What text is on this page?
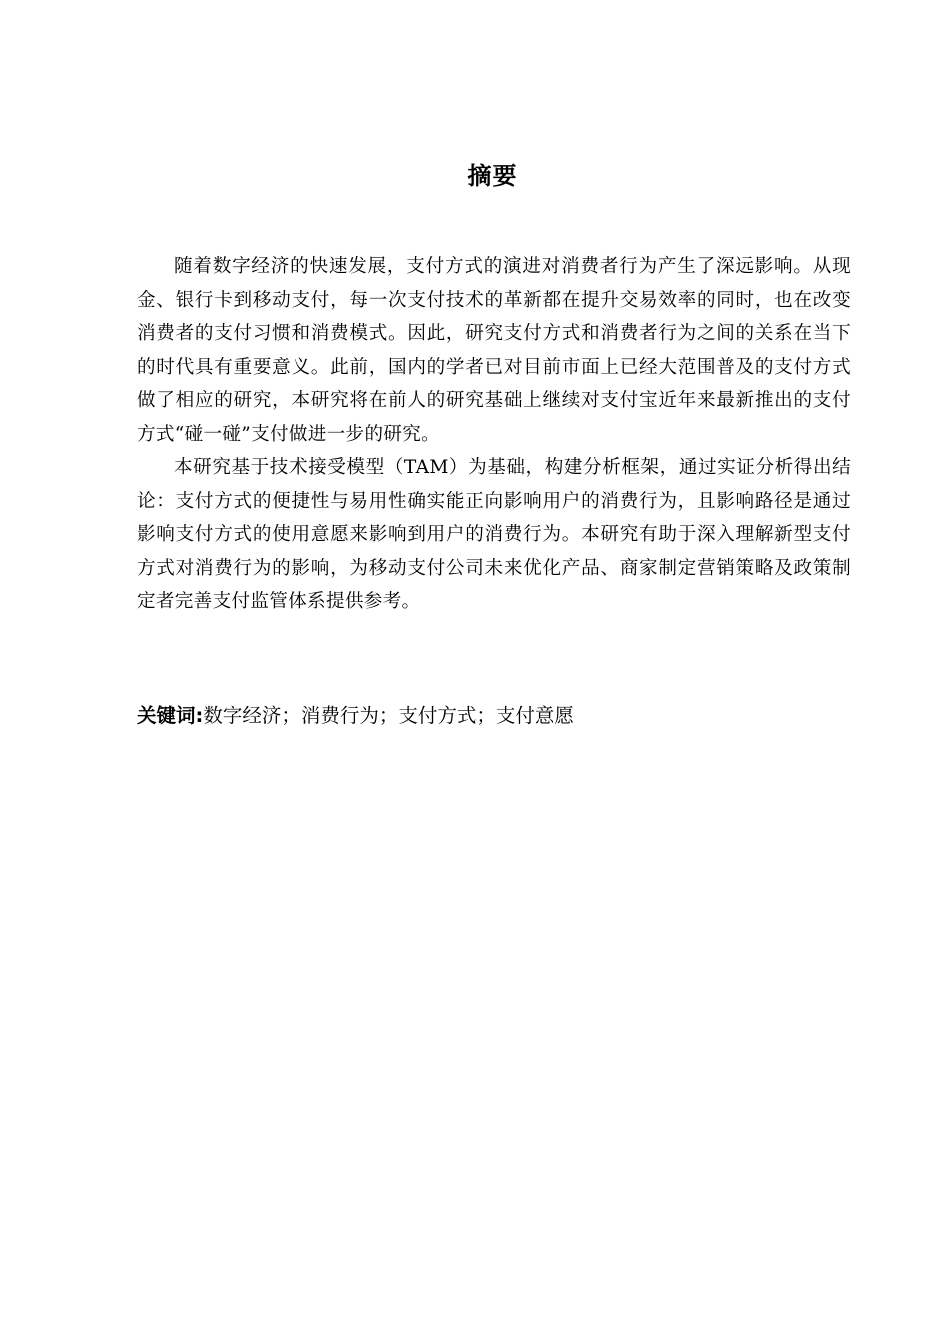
摘要

随着数字经济的快速发展，支付方式的演进对消费者行为产生了深远影响。从现金、银行卡到移动支付，每一次支付技术的革新都在提升交易效率的同时，也在改变消费者的支付习惯和消费模式。因此，研究支付方式和消费者行为之间的关系在当下的时代具有重要意义。此前，国内的学者已对目前市面上已经大范围普及的支付方式做了相应的研究，本研究将在前人的研究基础上继续对支付宝近年来最新推出的支付方式“碰一碰”支付做进一步的研究。

本研究基于技术接受模型（TAM）为基础，构建分析框架，通过实证分析得出结论：支付方式的便捷性与易用性确实能正向影响用户的消费行为，且影响路径是通过影响支付方式的使用意愿来影响到用户的消费行为。本研究有助于深入理解新型支付方式对消费行为的影响，为移动支付公司未来优化产品、商家制定营销策略及政策制定者完善支付监管体系提供参考。

关键词:数字经济；消费行为；支付方式；支付意愿
